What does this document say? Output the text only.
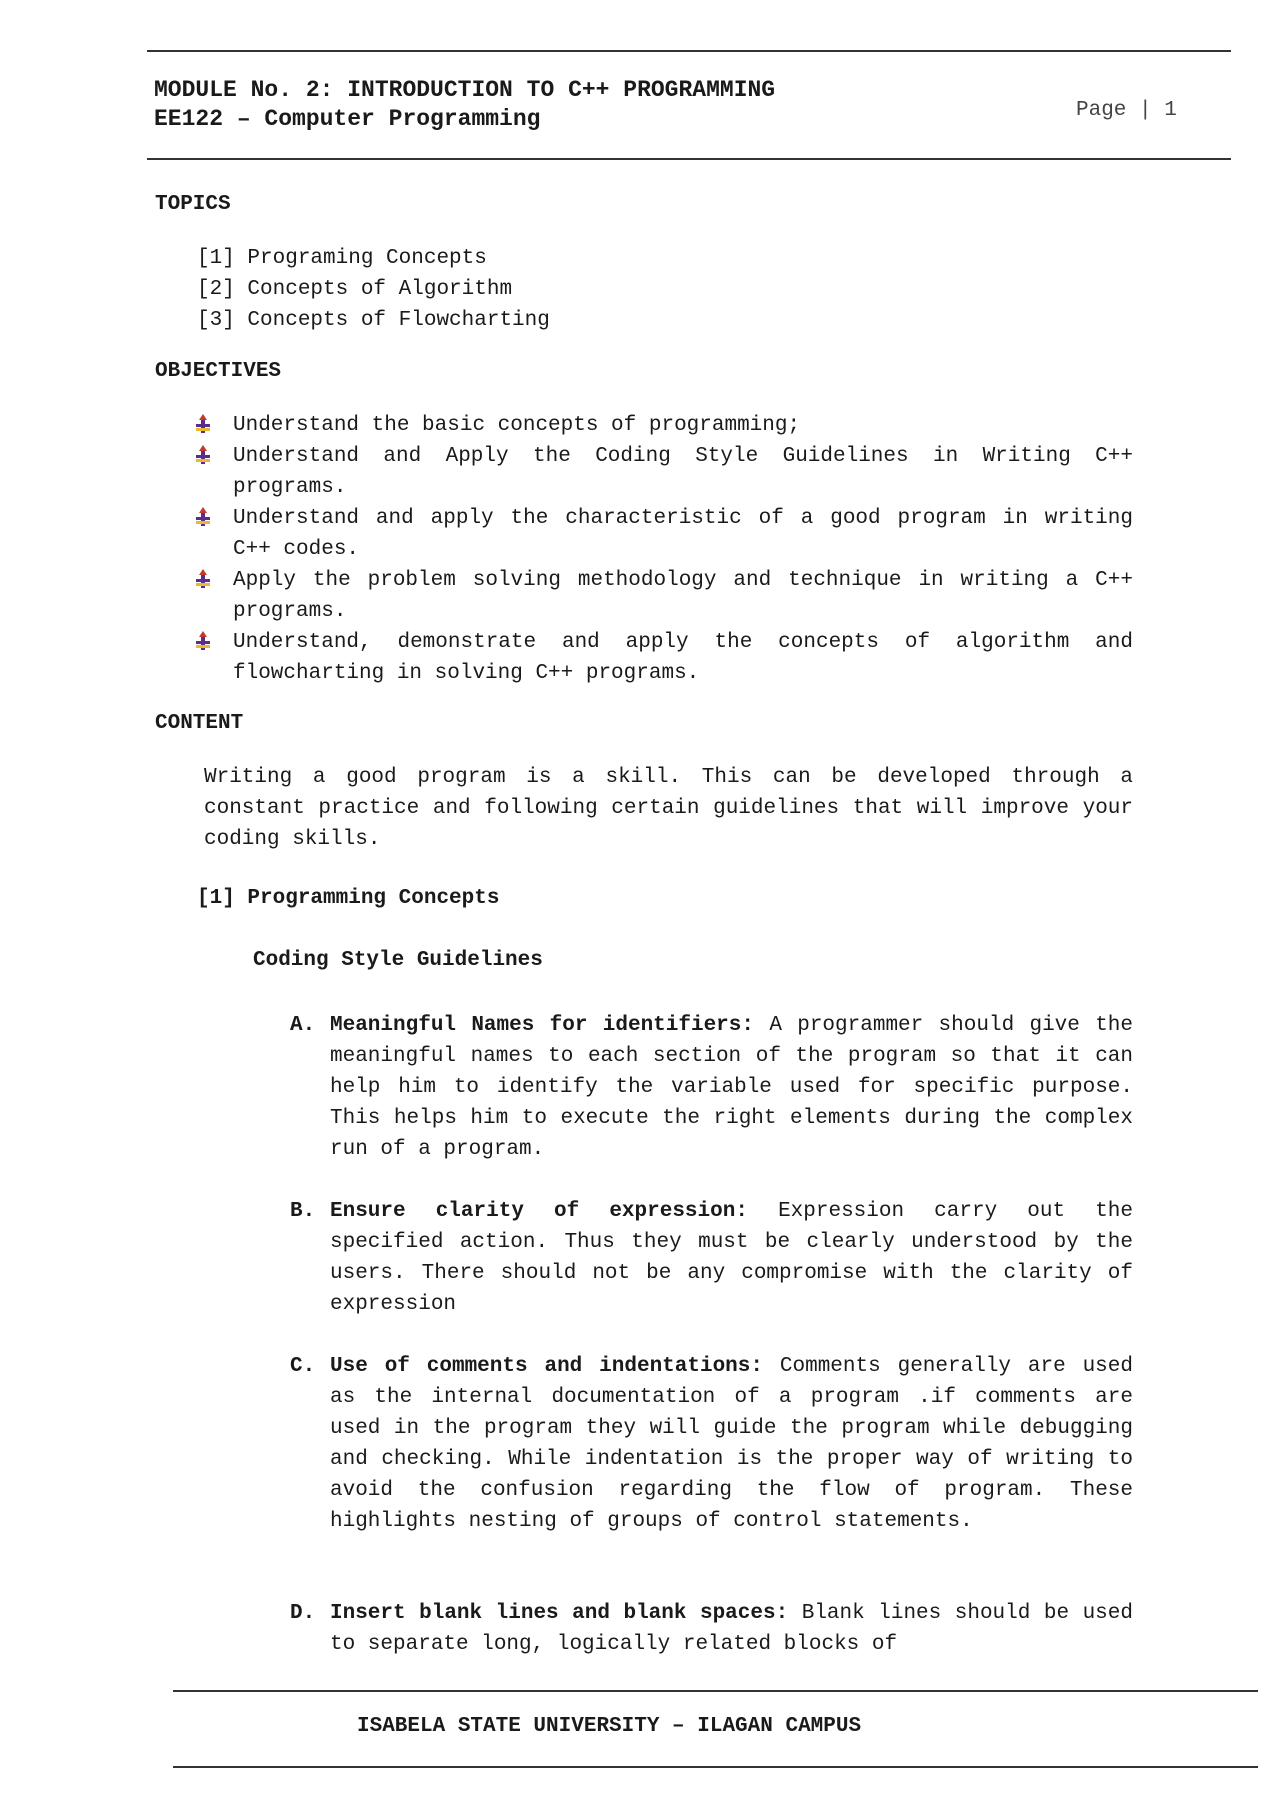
MODULE No. 2: INTRODUCTION TO C++ PROGRAMMING
EE122 – Computer Programming	Page | 1
TOPICS
[1] Programing Concepts
[2] Concepts of Algorithm
[3] Concepts of Flowcharting
OBJECTIVES
Understand the basic concepts of programming;
Understand and Apply the Coding Style Guidelines in Writing C++ programs.
Understand and apply the characteristic of a good program in writing C++ codes.
Apply the problem solving methodology and technique in writing a C++ programs.
Understand, demonstrate and apply the concepts of algorithm and flowcharting in solving C++ programs.
CONTENT
Writing a good program is a skill. This can be developed through a constant practice and following certain guidelines that will improve your coding skills.
[1] Programming Concepts
Coding Style Guidelines
A. Meaningful Names for identifiers: A programmer should give the meaningful names to each section of the program so that it can help him to identify the variable used for specific purpose. This helps him to execute the right elements during the complex run of a program.
B. Ensure clarity of expression: Expression carry out the specified action. Thus they must be clearly understood by the users. There should not be any compromise with the clarity of expression
C. Use of comments and indentations: Comments generally are used as the internal documentation of a program .if comments are used in the program they will guide the program while debugging and checking. While indentation is the proper way of writing to avoid the confusion regarding the flow of program. These highlights nesting of groups of control statements.
D. Insert blank lines and blank spaces: Blank lines should be used to separate long, logically related blocks of
ISABELA STATE UNIVERSITY – ILAGAN CAMPUS
